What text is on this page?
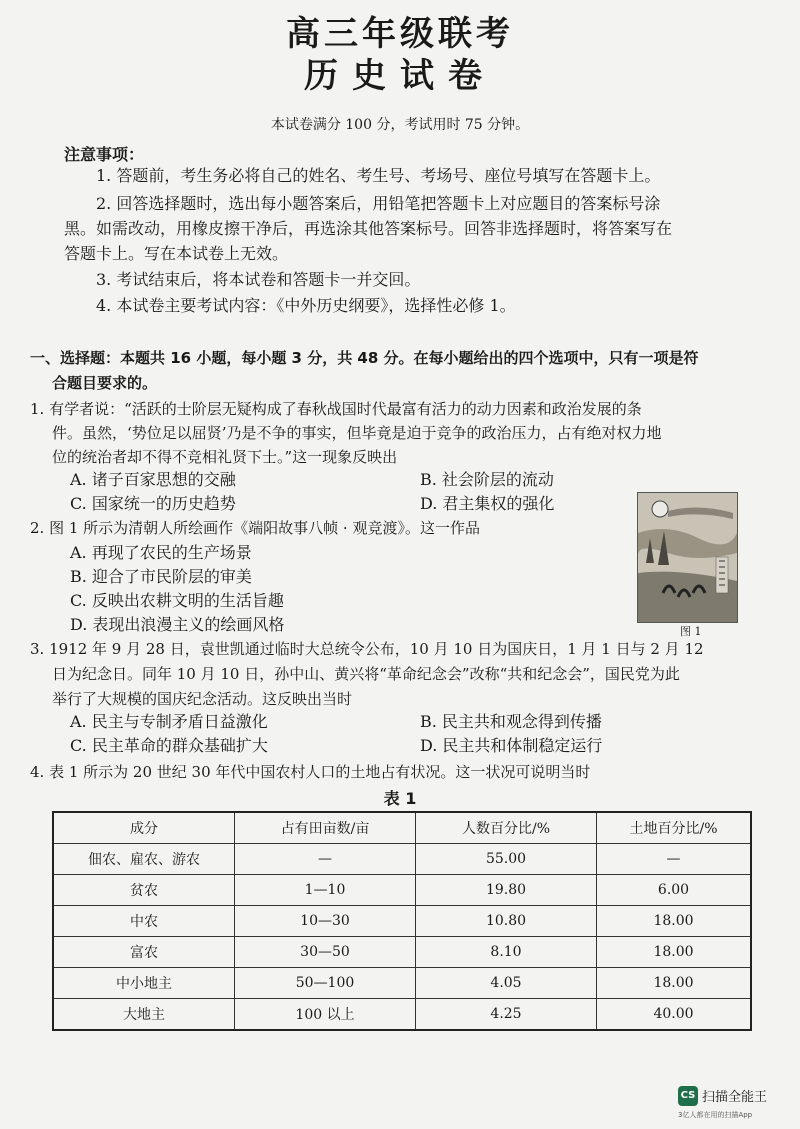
高三年级联考
历史试卷
本试卷满分 100 分，考试用时 75 分钟。
注意事项：
1. 答题前，考生务必将自己的姓名、考生号、考场号、座位号填写在答题卡上。
2. 回答选择题时，选出每小题答案后，用铅笔把答题卡上对应题目的答案标号涂
黑。如需改动，用橡皮擦干净后，再选涂其他答案标号。回答非选择题时，将答案写在
答题卡上。写在本试卷上无效。
3. 考试结束后，将本试卷和答题卡一并交回。
4. 本试卷主要考试内容：《中外历史纲要》，选择性必修 1。
一、选择题：本题共 16 小题，每小题 3 分，共 48 分。在每小题给出的四个选项中，只有一项是符
合题目要求的。
1. 有学者说：“活跃的士阶层无疑构成了春秋战国时代最富有活力的动力因素和政治发展的条
件。虽然，‘势位足以屈贤’乃是不争的事实，但毕竟是迫于竞争的政治压力，占有绝对权力地
位的统治者却不得不竞相礼贤下士。”这一现象反映出
A. 诸子百家思想的交融	B. 社会阶层的流动
C. 国家统一的历史趋势	D. 君主集权的强化
2. 图 1 所示为清朝人所绘画作《端阳故事八帧 · 观竞渡》。这一作品
A. 再现了农民的生产场景
B. 迎合了市民阶层的审美
C. 反映出农耕文明的生活旨趣
D. 表现出浪漫主义的绘画风格	图 1
3. 1912 年 9 月 28 日，袁世凯通过临时大总统令公布，10 月 10 日为国庆日，1 月 1 日与 2 月 12
日为纪念日。同年 10 月 10 日，孙中山、黄兴将“革命纪念会”改称“共和纪念会”，国民党为此
举行了大规模的国庆纪念活动。这反映出当时
A. 民主与专制矛盾日益激化	B. 民主共和观念得到传播
C. 民主革命的群众基础扩大	D. 民主共和体制稳定运行
4. 表 1 所示为 20 世纪 30 年代中国农村人口的土地占有状况。这一状况可说明当时
表 1
成分	占有田亩数/亩	人数百分比/%	土地百分比/%
佃农、雇农、游农	—	55.00	—
贫农	1—10	19.80	6.00
中农	10—30	10.80	18.00
富农	30—50	8.10	18.00
中小地主	50—100	4.05	18.00
大地主	100 以上	4.25	40.00
CS 扫描全能王
3亿人都在用的扫描App
